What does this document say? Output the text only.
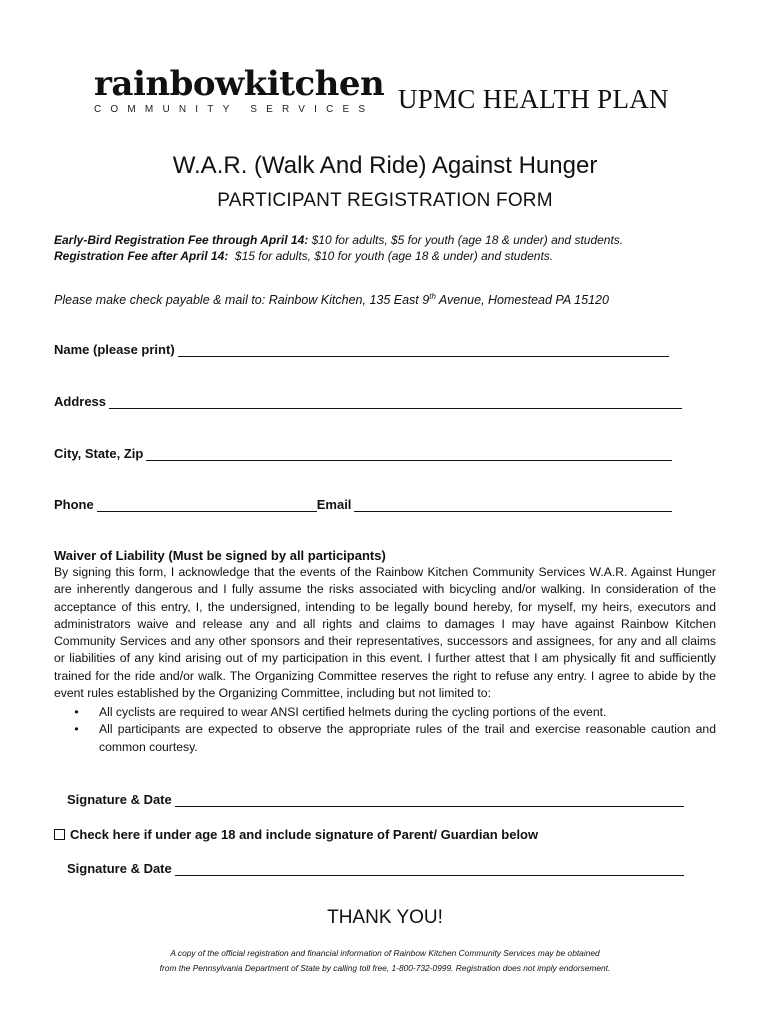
rainbowkitchen
COMMUNITY SERVICES UPMC HEALTH PLAN
W.A.R. (Walk And Ride) Against Hunger
PARTICIPANT REGISTRATION FORM
Early-Bird Registration Fee through April 14: $10 for adults, $5 for youth (age 18 & under) and students.
Registration Fee after April 14:  $15 for adults, $10 for youth (age 18 & under) and students.
Please make check payable & mail to: Rainbow Kitchen, 135 East 9th Avenue, Homestead PA 15120
Name (please print)
Address
City, State, Zip
Phone	Email
Waiver of Liability (Must be signed by all participants)
By signing this form, I acknowledge that the events of the Rainbow Kitchen Community Services W.A.R. Against Hunger are inherently dangerous and I fully assume the risks associated with bicycling and/or walking. In consideration of the acceptance of this entry, I, the undersigned, intending to be legally bound hereby, for myself, my heirs, executors and administrators waive and release any and all rights and claims to damages I may have against Rainbow Kitchen Community Services and any other sponsors and their representatives, successors and assignees, for any and all claims or liabilities of any kind arising out of my participation in this event. I further attest that I am physically fit and sufficiently trained for the ride and/or walk. The Organizing Committee reserves the right to refuse any entry. I agree to abide by the event rules established by the Organizing Committee, including but not limited to:
•	All cyclists are required to wear ANSI certified helmets during the cycling portions of the event.
•	All participants are expected to observe the appropriate rules of the trail and exercise reasonable caution and common courtesy.
Signature & Date
Check here if under age 18 and include signature of Parent/ Guardian below
Signature & Date
THANK YOU!
A copy of the official registration and financial information of Rainbow Kitchen Community Services may be obtained
from the Pennsylvania Department of State by calling toll free, 1-800-732-0999. Registration does not imply endorsement.
